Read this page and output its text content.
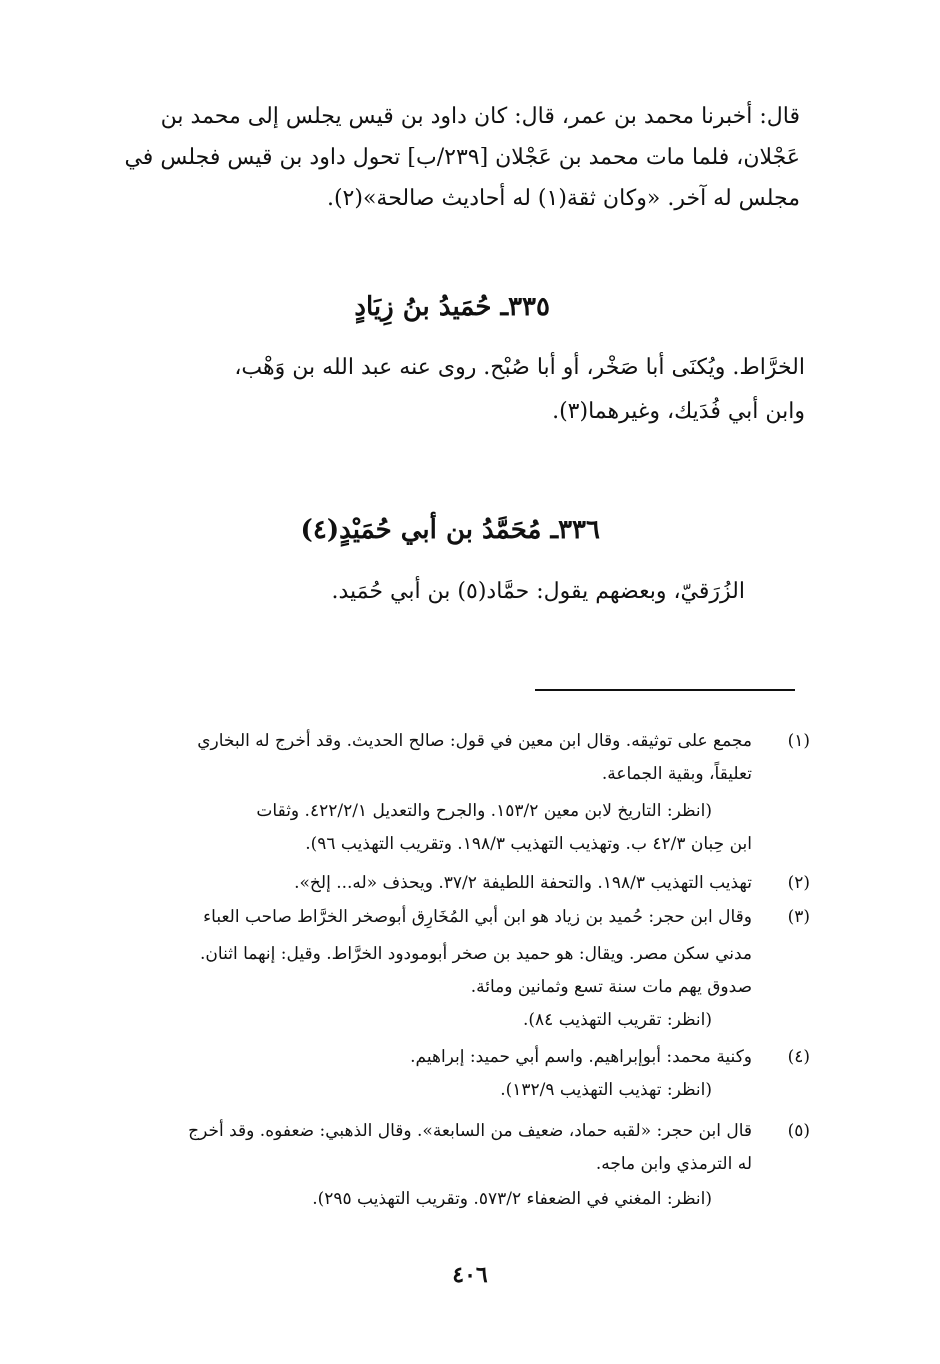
قال: أخبرنا محمد بن عمر، قال: كان داود بن قيس يجلس إلى محمد بن
عَجْلان، فلما مات محمد بن عَجْلان [٢٣٩/ب] تحول داود بن قيس فجلس في
مجلس له آخر. «وكان ثقة(١) له أحاديث صالحة»(٢).
٣٣٥ـ حُمَيدُ بنُ زِيَادٍ
الخرَّاط. ويُكنَى أبا صَخْر، أو أبا صُبْح. روى عنه عبد الله بن وَهْب،
وابن أبي فُدَيك، وغيرهما(٣).
٣٣٦ـ مُحَمَّدُ بن أبي حُمَيْدٍ(٤)
الزُرَقيّ، وبعضهم يقول: حمَّاد(٥) بن أبي حُمَيد.
(١)
مجمع على توثيقه. وقال ابن معين في قول: صالح الحديث. وقد أخرج له البخاري
تعليقاً، وبقية الجماعة.
(انظر: التاريخ لابن معين ١٥٣/٢. والجرح والتعديل ٤٢٢/٢/١. وثقات
ابن حِبان ٤٢/٣ ب. وتهذيب التهذيب ١٩٨/٣. وتقريب التهذيب ٩٦).
(٢)
تهذيب التهذيب ١٩٨/٣. والتحفة اللطيفة ٣٧/٢. ويحذف «له... إلخ».
(٣)
وقال ابن حجر: حُميد بن زياد هو ابن أبي المُخَارِق أبوصخر الخرَّاط صاحب العباء
مدني سكن مصر. ويقال: هو حميد بن صخر أبومودود الخرَّاط. وقيل: إنهما اثنان.
صدوق يهم مات سنة تسع وثمانين ومائة.
(انظر: تقريب التهذيب ٨٤).
(٤)
وكنية محمد: أبوإبراهيم. واسم أبي حميد: إبراهيم.
(انظر: تهذيب التهذيب ١٣٢/٩).
(٥)
قال ابن حجر: «لقبه حماد، ضعيف من السابعة». وقال الذهبي: ضعفوه. وقد أخرج
له الترمذي وابن ماجه.
(انظر: المغني في الضعفاء ٥٧٣/٢. وتقريب التهذيب ٢٩٥).
٤٠٦
